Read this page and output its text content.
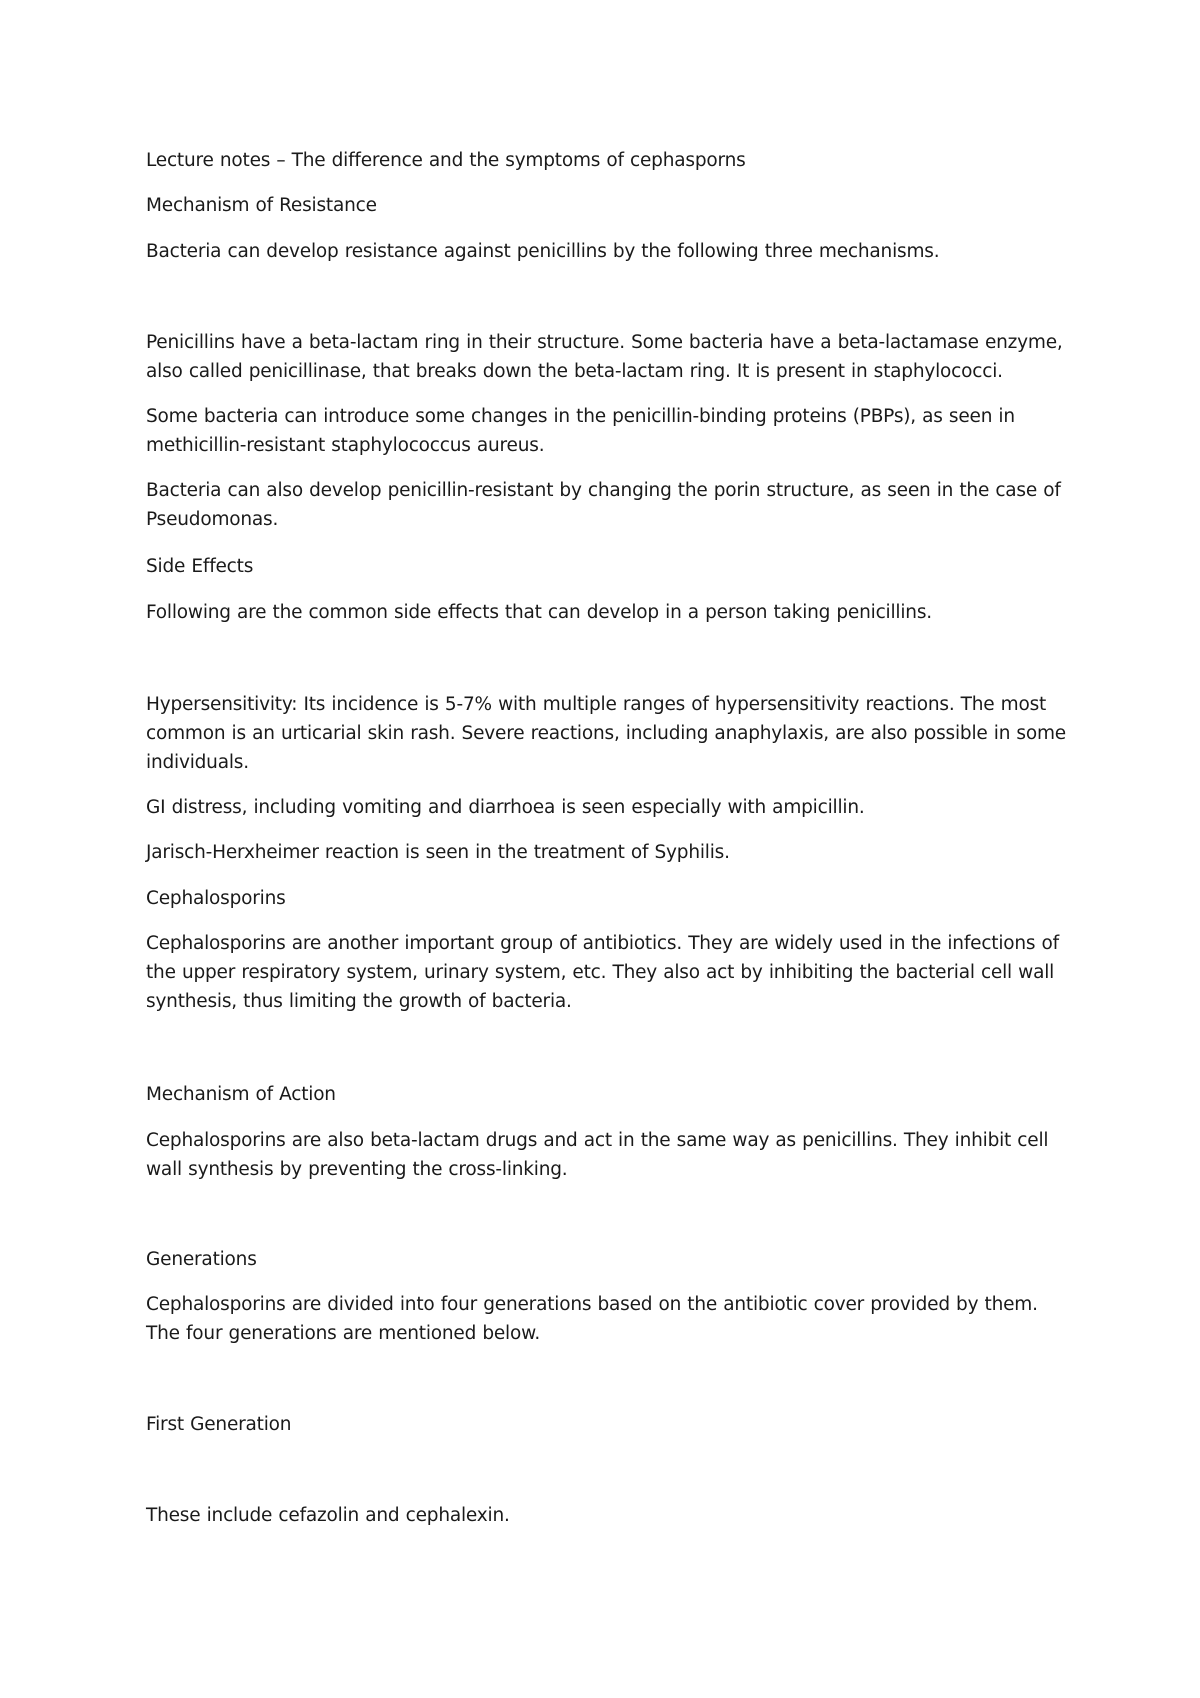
Lecture notes – The difference and the symptoms of cephasporns

Mechanism of Resistance

Bacteria can develop resistance against penicillins by the following three mechanisms.

Penicillins have a beta-lactam ring in their structure. Some bacteria have a beta-lactamase enzyme, also called penicillinase, that breaks down the beta-lactam ring. It is present in staphylococci.

Some bacteria can introduce some changes in the penicillin-binding proteins (PBPs), as seen in methicillin-resistant staphylococcus aureus.

Bacteria can also develop penicillin-resistant by changing the porin structure, as seen in the case of Pseudomonas.

Side Effects

Following are the common side effects that can develop in a person taking penicillins.

Hypersensitivity: Its incidence is 5-7% with multiple ranges of hypersensitivity reactions. The most common is an urticarial skin rash. Severe reactions, including anaphylaxis, are also possible in some individuals.

GI distress, including vomiting and diarrhoea is seen especially with ampicillin.

Jarisch-Herxheimer reaction is seen in the treatment of Syphilis.

Cephalosporins

Cephalosporins are another important group of antibiotics. They are widely used in the infections of the upper respiratory system, urinary system, etc. They also act by inhibiting the bacterial cell wall synthesis, thus limiting the growth of bacteria.

Mechanism of Action

Cephalosporins are also beta-lactam drugs and act in the same way as penicillins. They inhibit cell wall synthesis by preventing the cross-linking.

Generations

Cephalosporins are divided into four generations based on the antibiotic cover provided by them. The four generations are mentioned below.

First Generation

These include cefazolin and cephalexin.
